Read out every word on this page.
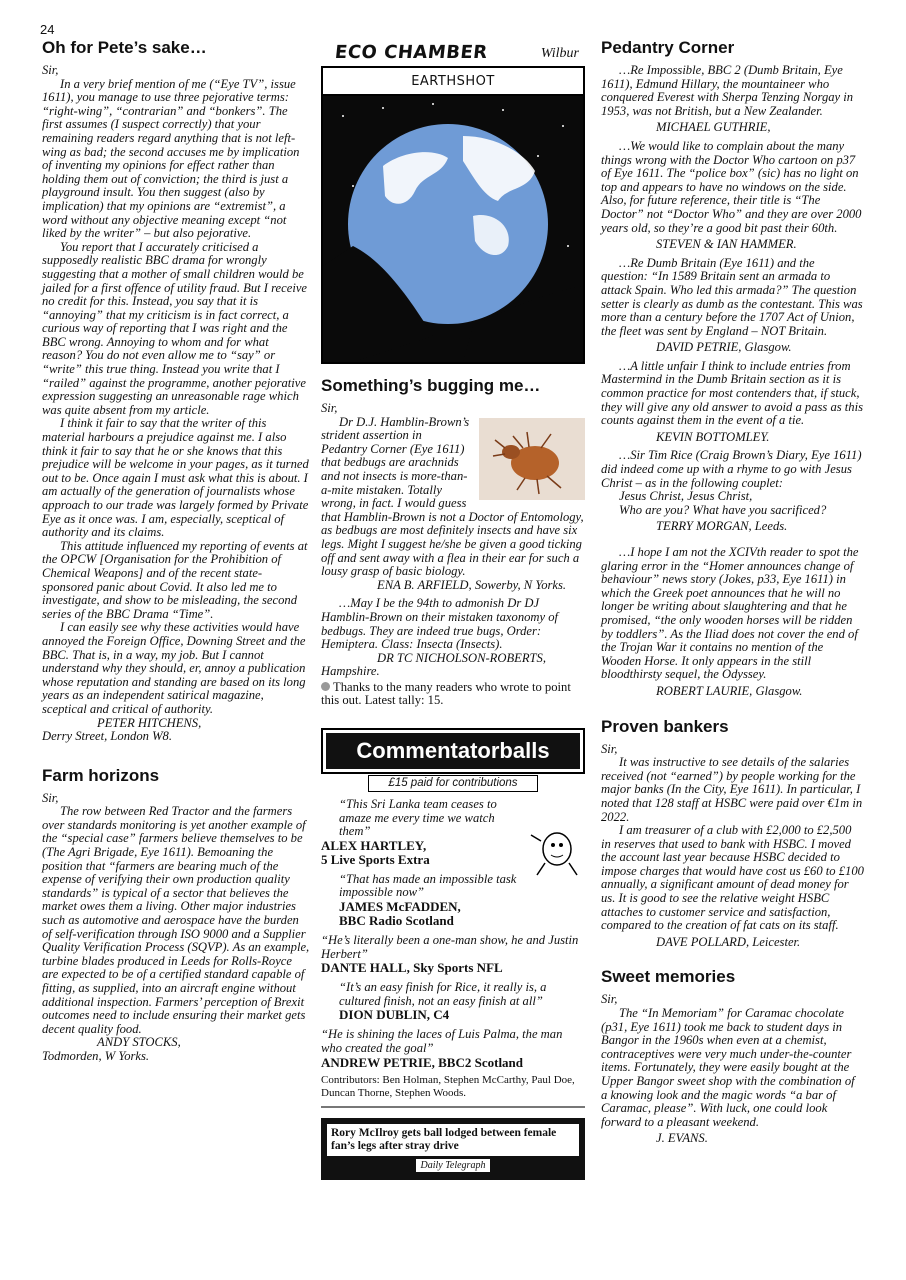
24
Oh for Pete’s sake…

Sir,

In a very brief mention of me (“Eye TV”, issue 1611), you manage to use three pejorative terms: “right-wing”, “contrarian” and “bonkers”. The first assumes (I suspect correctly) that your remaining readers regard anything that is not left-wing as bad; the second accuses me by implication of inventing my opinions for effect rather than holding them out of conviction; the third is just a playground insult. You then suggest (also by implication) that my opinions are “extremist”, a word without any objective meaning except “not liked by the writer” – but also pejorative.

You report that I accurately criticised a supposedly realistic BBC drama for wrongly suggesting that a mother of small children would be jailed for a first offence of utility fraud. But I receive no credit for this. Instead, you say that it is “annoying” that my criticism is in fact correct, a curious way of reporting that I was right and the BBC wrong. Annoying to whom and for what reason? You do not even allow me to “say” or “write” this true thing. Instead you write that I “railed” against the programme, another pejorative expression suggesting an unreasonable rage which was quite absent from my article.

I think it fair to say that the writer of this material harbours a prejudice against me. I also think it fair to say that he or she knows that this prejudice will be welcome in your pages, as it turned out to be. Once again I must ask what this is about. I am actually of the generation of journalists whose approach to our trade was largely formed by Private Eye as it once was. I am, especially, sceptical of authority and its claims.

This attitude influenced my reporting of events at the OPCW [Organisation for the Prohibition of Chemical Weapons] and of the recent state-sponsored panic about Covid. It also led me to investigate, and show to be misleading, the second series of the BBC Drama “Time”.

I can easily see why these activities would have annoyed the Foreign Office, Downing Street and the BBC. That is, in a way, my job. But I cannot understand why they should, er, annoy a publication whose reputation and standing are based on its long years as an independent satirical magazine, sceptical and critical of authority.

PETER HITCHENS,

Derry Street, London W8.

Farm horizons

Sir,

The row between Red Tractor and the farmers over standards monitoring is yet another example of the “special case” farmers believe themselves to be (The Agri Brigade, Eye 1611). Bemoaning the position that “farmers are bearing much of the expense of verifying their own production quality standards” is typical of a sector that believes the market owes them a living. Other major industries such as automotive and aerospace have the burden of self-verification through ISO 9000 and a Supplier Quality Verification Process (SQVP). As an example, turbine blades produced in Leeds for Rolls-Royce are expected to be of a certified standard capable of fitting, as supplied, into an aircraft engine without additional inspection. Farmers’ perception of Brexit outcomes need to include ensuring their market gets decent quality food.

ANDY STOCKS,

Todmorden, W Yorks.

ECO CHAMBER	Wilbur
EARTHSHOT
Something’s bugging me…

Sir,

Dr D.J. Hamblin-Brown’s strident assertion in Pedantry Corner (Eye 1611) that bedbugs are arachnids and not insects is more-than-a-mite mistaken. Totally wrong, in fact. I would guess that Hamblin-Brown is not a Doctor of Entomology, as bedbugs are most definitely insects and have six legs. Might I suggest he/she be given a good ticking off and sent away with a flea in their ear for such a lousy grasp of basic biology.

ENA B. ARFIELD, Sowerby, N Yorks.

…May I be the 94th to admonish Dr DJ Hamblin-Brown on their mistaken taxonomy of bedbugs. They are indeed true bugs, Order: Hemiptera. Class: Insecta (Insects).

DR TC NICHOLSON-ROBERTS,

Hampshire.

Thanks to the many readers who wrote to point this out. Latest tally: 15.

Commentatorballs
£15 paid for contributions
“This Sri Lanka team ceases to amaze me every time we watch them”
ALEX HARTLEY,
5 Live Sports Extra
“That has made an impossible task impossible now”
JAMES McFADDEN,
BBC Radio Scotland
“He’s literally been a one-man show, he and Justin Herbert”
DANTE HALL, Sky Sports NFL
“It’s an easy finish for Rice, it really is, a cultured finish, not an easy finish at all”
DION DUBLIN, C4
“He is shining the laces of Luis Palma, the man who created the goal”
ANDREW PETRIE, BBC2 Scotland
Contributors: Ben Holman, Stephen McCarthy, Paul Doe, Duncan Thorne, Stephen Woods.
Rory McIlroy gets ball lodged between female fan’s legs after stray drive
Daily Telegraph
Pedantry Corner

…Re Impossible, BBC 2 (Dumb Britain, Eye 1611), Edmund Hillary, the mountaineer who conquered Everest with Sherpa Tenzing Norgay in 1953, was not British, but a New Zealander.

MICHAEL GUTHRIE,

…We would like to complain about the many things wrong with the Doctor Who cartoon on p37 of Eye 1611. The “police box” (sic) has no light on top and appears to have no windows on the side. Also, for future reference, their title is “The Doctor” not “Doctor Who” and they are over 2000 years old, so they’re a good bit past their 60th.

STEVEN & IAN HAMMER.

…Re Dumb Britain (Eye 1611) and the question: “In 1589 Britain sent an armada to attack Spain. Who led this armada?” The question setter is clearly as dumb as the contestant. This was more than a century before the 1707 Act of Union, the fleet was sent by England – NOT Britain.

DAVID PETRIE, Glasgow.

…A little unfair I think to include entries from Mastermind in the Dumb Britain section as it is common practice for most contenders that, if stuck, they will give any old answer to avoid a pass as this counts against them in the event of a tie.

KEVIN BOTTOMLEY.

…Sir Tim Rice (Craig Brown’s Diary, Eye 1611) did indeed come up with a rhyme to go with Jesus Christ – as in the following couplet:

Jesus Christ, Jesus Christ,

Who are you? What have you sacrificed?

TERRY MORGAN, Leeds.

…I hope I am not the XCIVth reader to spot the glaring error in the “Homer announces change of behaviour” news story (Jokes, p33, Eye 1611) in which the Greek poet announces that he will no longer be writing about slaughtering and that he promised, “the only wooden horses will be ridden by toddlers”. As the Iliad does not cover the end of the Trojan War it contains no mention of the Wooden Horse. It only appears in the still bloodthirsty sequel, the Odyssey.

ROBERT LAURIE, Glasgow.

Proven bankers

Sir,

It was instructive to see details of the salaries received (not “earned”) by people working for the major banks (In the City, Eye 1611). In particular, I noted that 128 staff at HSBC were paid over €1m in 2022.

I am treasurer of a club with £2,000 to £2,500 in reserves that used to bank with HSBC. I moved the account last year because HSBC decided to impose charges that would have cost us £60 to £100 annually, a significant amount of dead money for us. It is good to see the relative weight HSBC attaches to customer service and satisfaction, compared to the creation of fat cats on its staff.

DAVE POLLARD, Leicester.

Sweet memories

Sir,

The “In Memoriam” for Caramac chocolate (p31, Eye 1611) took me back to student days in Bangor in the 1960s when even at a chemist, contraceptives were very much under-the-counter items. Fortunately, they were easily bought at the Upper Bangor sweet shop with the combination of a knowing look and the magic words “a bar of Caramac, please”. With luck, one could look forward to a pleasant weekend.

J. EVANS.
